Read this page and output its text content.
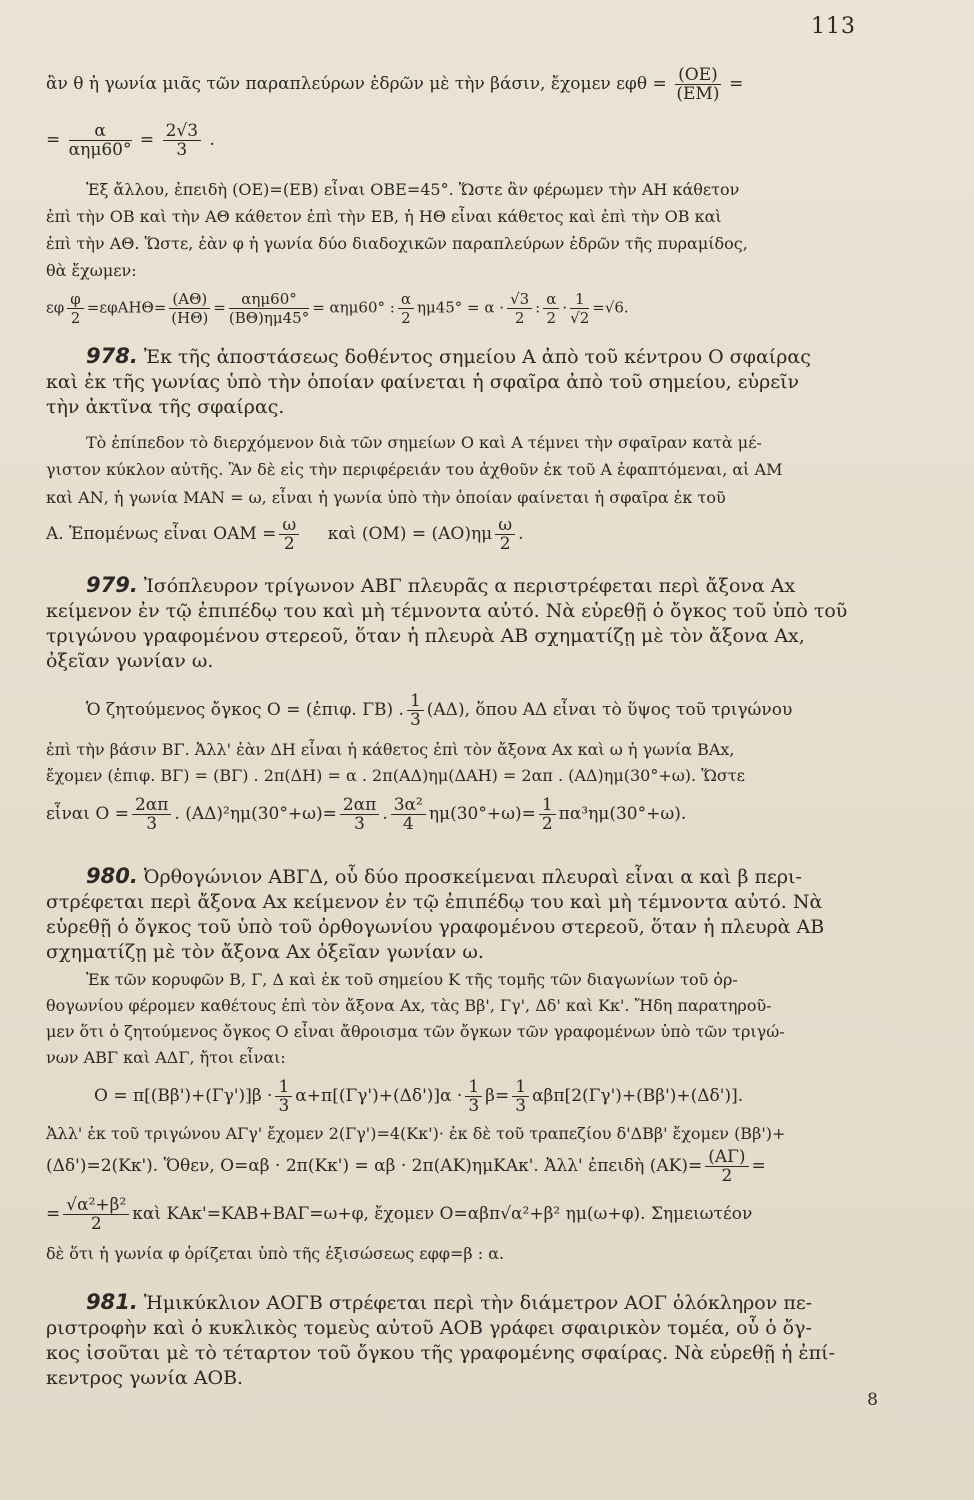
113
ἂν θ ἡ γωνία μιᾶς τῶν παραπλεύρων ἑδρῶν μὲ τὴν βάσιν, ἔχομεν $\varepsilon\varphi\theta = \frac{(OE)}{(EM)}$ =
= $\frac{\alpha}{\text{αημ60°}} = \frac{2√3}{3}$ .
Ἐξ ἄλλου, ἐπειδὴ (ΟΕ)=(ΕΒ) εἶναι ΟΒΕ=45°. Ὥστε ἂν φέρωμεν τὴν ΑΗ κάθετον
ἐπὶ τὴν ΟΒ καὶ τὴν ΑΘ κάθετον ἐπὶ τὴν ΕΒ, ἡ ΗΘ εἶναι κάθετος καὶ ἐπὶ τὴν ΟΒ καὶ
ἐπὶ τὴν ΑΘ. Ὥστε, ἐὰν φ ἡ γωνία δύο διαδοχικῶν παραπλεύρων ἑδρῶν τῆς πυραμίδος,
θὰ ἔχωμεν:
εφ $\frac{\varphi}{2} =\varepsilon\varphi AH\Theta= \frac{(A\Theta)}{(H\Theta)} = \frac{\text{αημ60°}}{(B\Theta)\eta\mu 45^\circ} = \alpha\eta\mu 60^\circ$ : $\frac{\alpha}{2} \eta\mu 45^\circ = \alpha \cdot \frac{√3}{2}$ : $\frac{\alpha}{2} \cdot \frac{1}{√2} =√6$.
978. Ἐκ τῆς ἀποστάσεως δοθέντος σημείου Α ἀπὸ τοῦ κέντρου Ο σφαίρας
καὶ ἐκ τῆς γωνίας ὑπὸ τὴν ὁποίαν φαίνεται ἡ σφαῖρα ἀπὸ τοῦ σημείου, εὑρεῖν
τὴν ἀκτῖνα τῆς σφαίρας.
Τὸ ἐπίπεδον τὸ διερχόμενον διὰ τῶν σημείων Ο καὶ Α τέμνει τὴν σφαῖραν κατὰ μέ-
γιστον κύκλον αὐτῆς. Ἂν δὲ εἰς τὴν περιφέρειάν του ἀχθοῦν ἐκ τοῦ Α ἐφαπτόμεναι, αἱ ΑΜ
καὶ ΑΝ, ἡ γωνία ΜΑΝ = ω, εἶναι ἡ γωνία ὑπὸ τὴν ὁποίαν φαίνεται ἡ σφαῖρα ἐκ τοῦ
Α. Ἑπομένως εἶναι $OAM = \frac{\omega}{2}$ καὶ $(OM) = (AO)\eta\mu \frac{\omega}{2}$ .
979. Ἰσόπλευρον τρίγωνον ΑΒΓ πλευρᾶς α περιστρέφεται περὶ ἄξονα Αx
κείμενον ἐν τῷ ἐπιπέδῳ του καὶ μὴ τέμνοντα αὐτό. Νὰ εὑρεθῇ ὁ ὄγκος τοῦ ὑπὸ τοῦ
τριγώνου γραφομένου στερεοῦ, ὅταν ἡ πλευρὰ ΑΒ σχηματίζῃ μὲ τὸν ἄξονα Αx,
ὀξεῖαν γωνίαν ω.
Ὁ ζητούμενος ὄγκος Ο = (ἐπιφ. ΓΒ) . $\frac{1}{3} (A\Delta)$, ὅπου ΑΔ εἶναι τὸ ὕψος τοῦ τριγώνου
ἐπὶ τὴν βάσιν ΒΓ. Ἀλλ' ἐὰν ΔΗ εἶναι ἡ κάθετος ἐπὶ τὸν ἄξονα Αx καὶ ω ἡ γωνία ΒΑx,
ἔχομεν (ἐπιφ. ΒΓ) = (ΒΓ) . 2π(ΔΗ) = α . 2π(ΑΔ)ημ(ΔΑΗ) = 2απ . (ΑΔ)ημ(30°+ω). Ὥστε
εἶναι $O = \frac{2\alpha\pi}{3}$ . $(A\Delta)^2\eta\mu(30^\circ+\omega)= \frac{2\alpha\pi}{3}$ . $\frac{\text{3α²}}{4} \eta\mu(30^\circ+\omega)= \frac{1}{2} \pi\alpha^3\eta\mu(30^\circ+\omega)$.
980. Ὀρθογώνιον ΑΒΓΔ, οὗ δύο προσκείμεναι πλευραὶ εἶναι α καὶ β περι-
στρέφεται περὶ ἄξονα Αx κείμενον ἐν τῷ ἐπιπέδῳ του καὶ μὴ τέμνοντα αὐτό. Νὰ
εὑρεθῇ ὁ ὄγκος τοῦ ὑπὸ τοῦ ὀρθογωνίου γραφομένου στερεοῦ, ὅταν ἡ πλευρὰ ΑΒ
σχηματίζῃ μὲ τὸν ἄξονα Αx ὀξεῖαν γωνίαν ω.
Ἐκ τῶν κορυφῶν Β, Γ, Δ καὶ ἐκ τοῦ σημείου Κ τῆς τομῆς τῶν διαγωνίων τοῦ ὀρ-
θογωνίου φέρομεν καθέτους ἐπὶ τὸν ἄξονα Αx, τὰς Ββ', Γγ', Δδ' καὶ Κκ'. Ἤδη παρατηροῦ-
μεν ὅτι ὁ ζητούμενος ὄγκος Ο εἶναι ἄθροισμα τῶν ὄγκων τῶν γραφομένων ὑπὸ τῶν τριγώ-
νων ΑΒΓ καὶ ΑΔΓ, ἤτοι εἶναι:
$O = \pi[(B\beta')+(\Gamma\gamma')]\beta \cdot \frac{1}{3} \alpha+\pi[(\Gamma\gamma')+(\Delta\delta')]\alpha \cdot \frac{1}{3} \beta= \frac{1}{3} \alpha\beta\pi[2(\Gamma\gamma')+(B\beta')+(\Delta\delta')]$.
Ἀλλ' ἐκ τοῦ τριγώνου ΑΓγ' ἔχομεν 2(Γγ')=4(Κκ')· ἐκ δὲ τοῦ τραπεζίου δ'ΔΒβ' ἔχομεν (Ββ')+
(Δδ')=2(Κκ'). Ὅθεν, Ο=αβ · 2π(Κκ') = αβ · 2π(ΑΚ)ημΚΑκ'. Ἀλλ' ἐπειδὴ $(AK)= \frac{(A\Gamma)}{2}$ =
= $\frac{\text{√α²+β²}}{2}$ καὶ ΚΑκ'=ΚΑΒ+ΒΑΓ=ω+φ, ἔχομεν Ο=αβπ√α²+β² ημ(ω+φ). Σημειωτέον
δὲ ὅτι ἡ γωνία φ ὁρίζεται ὑπὸ τῆς ἐξισώσεως εφφ=β : α.
981. Ἡμικύκλιον ΑΟΓΒ στρέφεται περὶ τὴν διάμετρον ΑΟΓ ὁλόκληρον πε-
ριστροφὴν καὶ ὁ κυκλικὸς τομεὺς αὐτοῦ ΑΟΒ γράφει σφαιρικὸν τομέα, οὗ ὁ ὄγ-
κος ἰσοῦται μὲ τὸ τέταρτον τοῦ ὄγκου τῆς γραφομένης σφαίρας. Νὰ εὑρεθῇ ἡ ἐπί-
κεντρος γωνία ΑΟΒ.
8
